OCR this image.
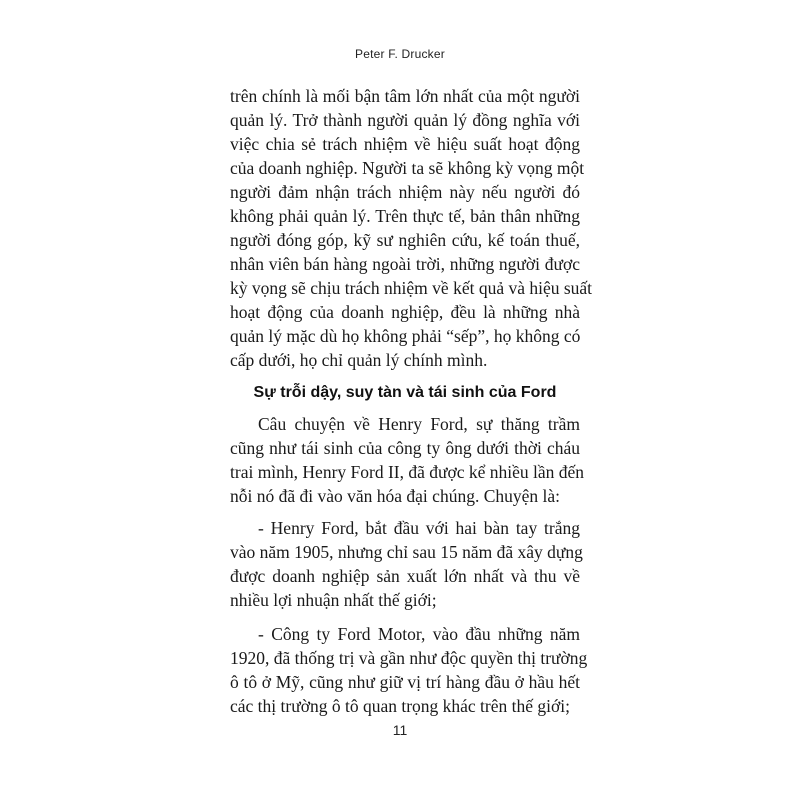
Peter F. Drucker
trên chính là mối bận tâm lớn nhất của một người
quản lý. Trở thành người quản lý đồng nghĩa với
việc chia sẻ trách nhiệm về hiệu suất hoạt động
của doanh nghiệp. Người ta sẽ không kỳ vọng một
người đảm nhận trách nhiệm này nếu người đó
không phải quản lý. Trên thực tế, bản thân những
người đóng góp, kỹ sư nghiên cứu, kế toán thuế,
nhân viên bán hàng ngoài trời, những người được
kỳ vọng sẽ chịu trách nhiệm về kết quả và hiệu suất
hoạt động của doanh nghiệp, đều là những nhà
quản lý mặc dù họ không phải “sếp”, họ không có
cấp dưới, họ chỉ quản lý chính mình.
Sự trỗi dậy, suy tàn và tái sinh của Ford
Câu chuyện về Henry Ford, sự thăng trầm
cũng như tái sinh của công ty ông dưới thời cháu
trai mình, Henry Ford II, đã được kể nhiều lần đến
nỗi nó đã đi vào văn hóa đại chúng. Chuyện là:
- Henry Ford, bắt đầu với hai bàn tay trắng
vào năm 1905, nhưng chỉ sau 15 năm đã xây dựng
được doanh nghiệp sản xuất lớn nhất và thu về
nhiều lợi nhuận nhất thế giới;
- Công ty Ford Motor, vào đầu những năm
1920, đã thống trị và gần như độc quyền thị trường
ô tô ở Mỹ, cũng như giữ vị trí hàng đầu ở hầu hết
các thị trường ô tô quan trọng khác trên thế giới;
11
